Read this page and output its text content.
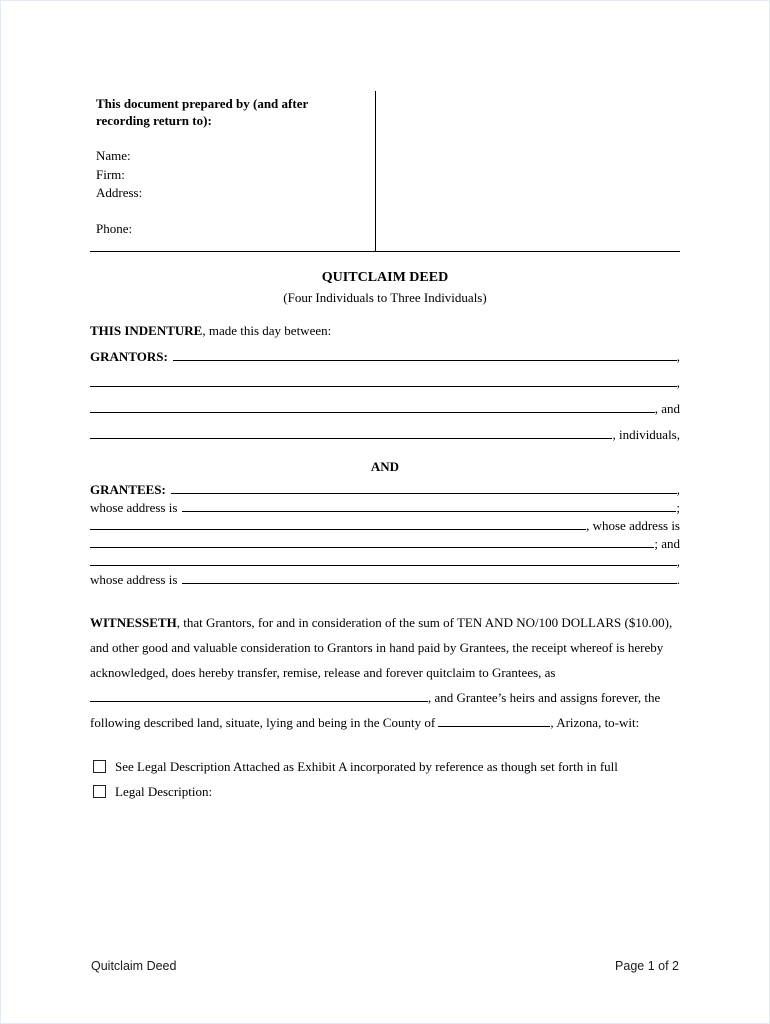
This document prepared by (and after recording return to):
Name:
Firm:
Address:
Phone:
QUITCLAIM DEED
(Four Individuals to Three Individuals)
THIS INDENTURE, made this day between:
GRANTORS:	,
,
, and
, individuals,
AND
GRANTEES:	,
whose address is	;
, whose address is
; and
,
whose address is	.

WITNESSETH, that Grantors, for and in consideration of the sum of TEN AND NO/100 DOLLARS ($10.00), and other good and valuable consideration to Grantors in hand paid by Grantees, the receipt whereof is hereby acknowledged, does hereby transfer, remise, release and forever quitclaim to Grantees, as , and Grantee’s heirs and assigns forever, the following described land, situate, lying and being in the County of	, Arizona, to-wit:

See Legal Description Attached as Exhibit A incorporated by reference as though set forth in full
Legal Description:
Quitclaim Deed	Page 1 of 2
